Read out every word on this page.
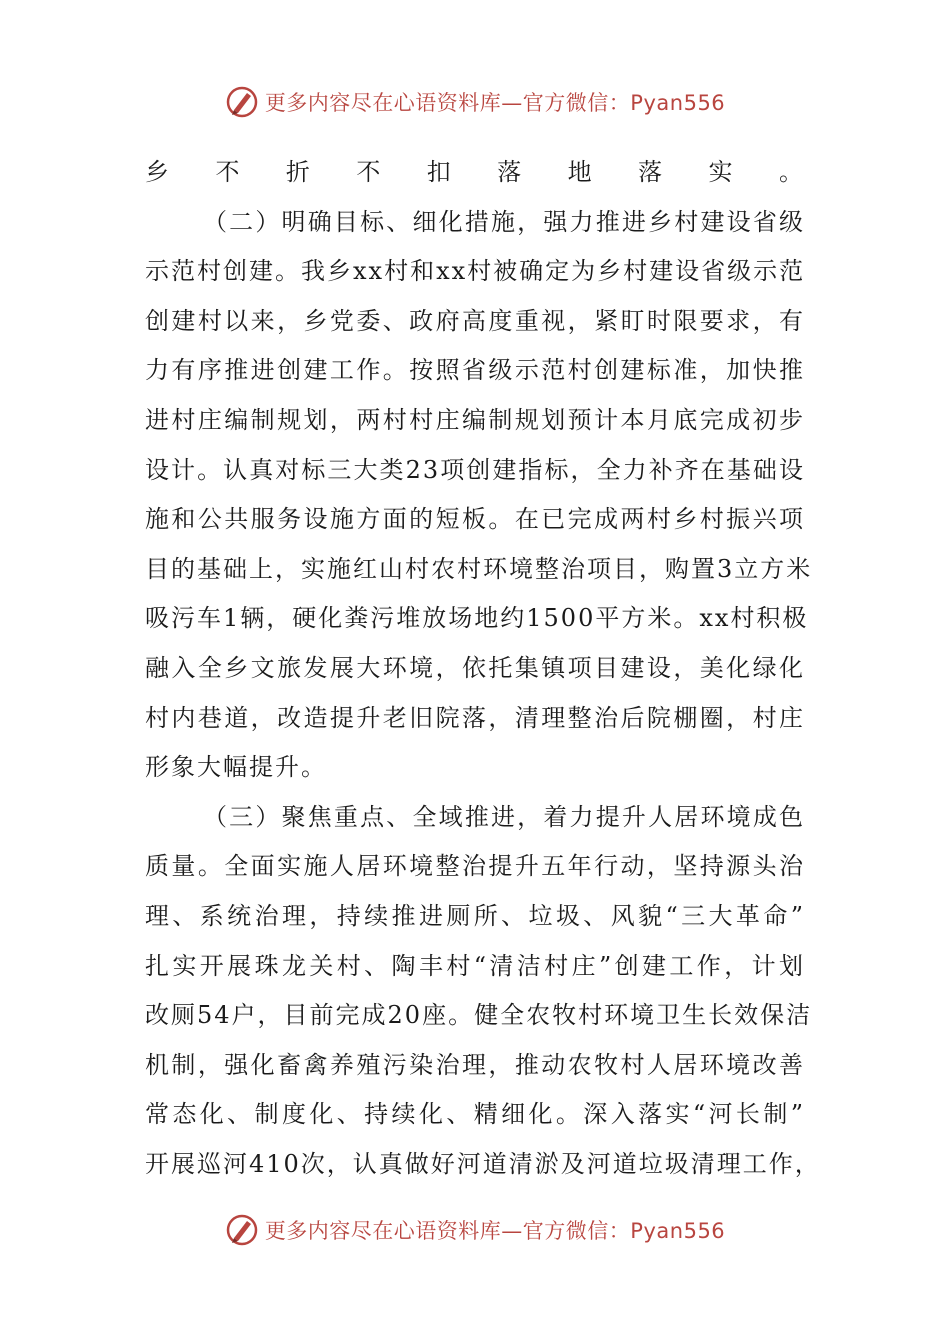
更多内容尽在心语资料库—官方微信：Pyan556
乡不折不扣落地落实。
（二）明确目标、细化措施，强力推进乡村建设省级
示范村创建。我乡xx村和xx村被确定为乡村建设省级示范
创建村以来，乡党委、政府高度重视，紧盯时限要求，有
力有序推进创建工作。按照省级示范村创建标准，加快推
进村庄编制规划，两村村庄编制规划预计本月底完成初步
设计。认真对标三大类23项创建指标，全力补齐在基础设
施和公共服务设施方面的短板。在已完成两村乡村振兴项
目的基础上，实施红山村农村环境整治项目，购置3立方米
吸污车1辆，硬化粪污堆放场地约1500平方米。xx村积极
融入全乡文旅发展大环境，依托集镇项目建设，美化绿化
村内巷道，改造提升老旧院落，清理整治后院棚圈，村庄
形象大幅提升。
（三）聚焦重点、全域推进，着力提升人居环境成色
质量。全面实施人居环境整治提升五年行动，坚持源头治
理、系统治理，持续推进厕所、垃圾、风貌“三大革命”
扎实开展珠龙关村、陶丰村“清洁村庄”创建工作，计划
改厕54户，目前完成20座。健全农牧村环境卫生长效保洁
机制，强化畜禽养殖污染治理，推动农牧村人居环境改善
常态化、制度化、持续化、精细化。深入落实“河长制”
开展巡河410次，认真做好河道清淤及河道垃圾清理工作，
更多内容尽在心语资料库—官方微信：Pyan556
